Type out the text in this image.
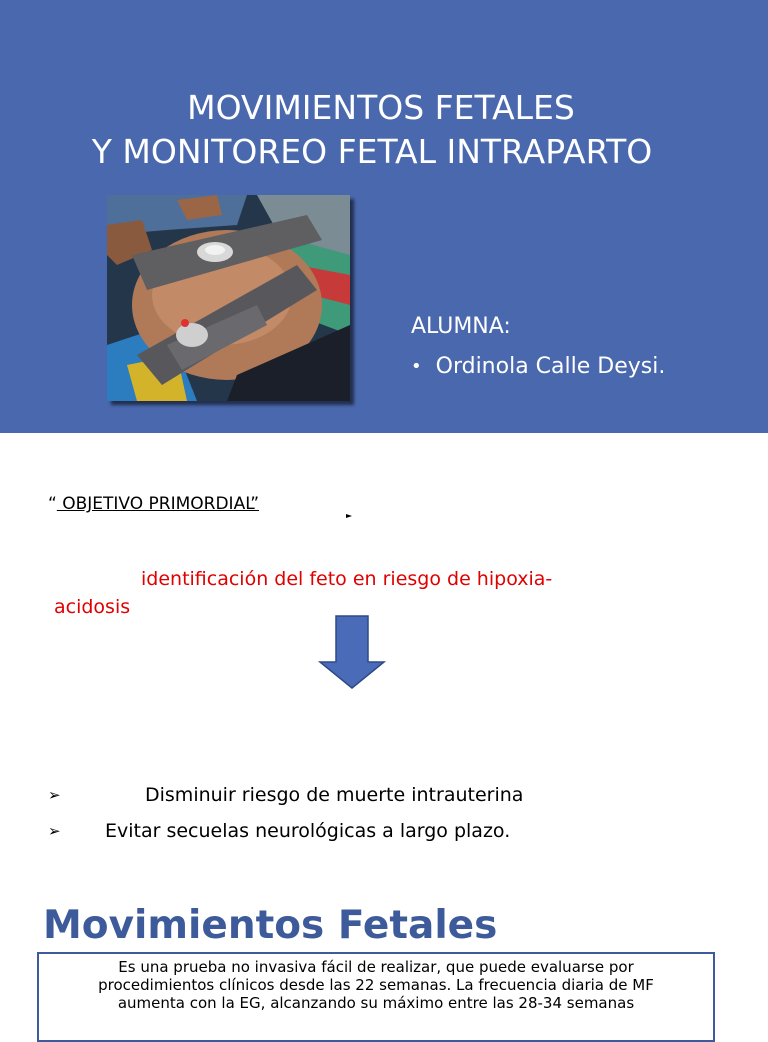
MOVIMIENTOS FETALES
Y MONITOREO FETAL INTRAPARTO
ALUMNA:
• Ordinola Calle Deysi.
“ OBJETIVO PRIMORDIAL”
identificación del feto en riesgo de hipoxia-
acidosis
➢	Disminuir riesgo de muerte intrauterina
➢ Evitar secuelas neurológicas a largo plazo.
Movimientos Fetales
Es una prueba no invasiva fácil de realizar, que puede evaluarse por
procedimientos clínicos desde las 22 semanas. La frecuencia diaria de MF
aumenta con la EG, alcanzando su máximo entre las 28-34 semanas
